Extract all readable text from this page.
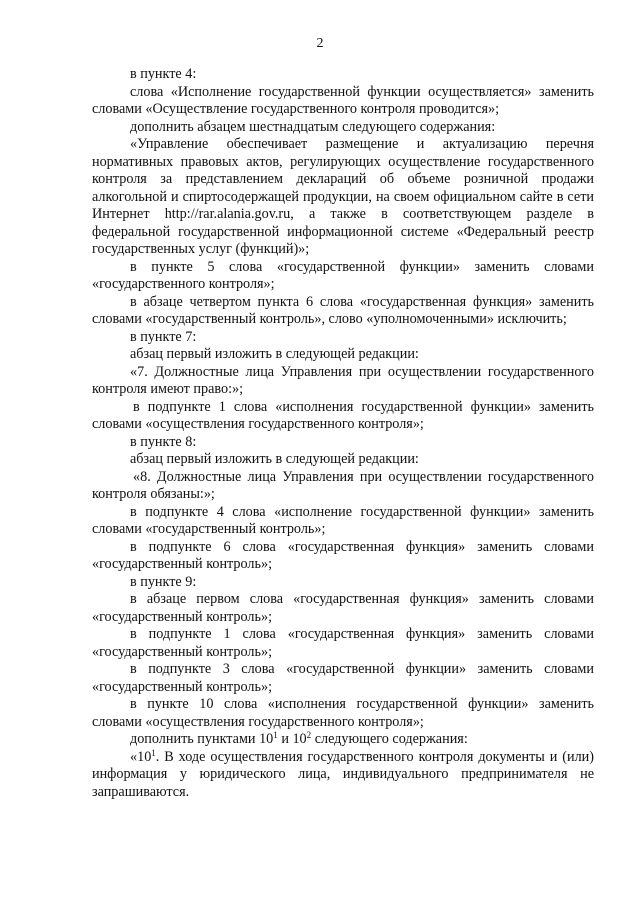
2

в пункте 4:

слова «Исполнение государственной функции осуществляется» заменить словами «Осуществление государственного контроля проводится»;

дополнить абзацем шестнадцатым следующего содержания:

«Управление обеспечивает размещение и актуализацию перечня нормативных правовых актов, регулирующих осуществление государственного контроля за представлением деклараций об объеме розничной продажи алкогольной и спиртосодержащей продукции, на своем официальном сайте в сети Интернет http://rar.alania.gov.ru, а также в соответствующем разделе в федеральной государственной информационной системе «Федеральный реестр государственных услуг (функций)»;

в пункте 5 слова «государственной функции» заменить словами «государственного контроля»;

в абзаце четвертом пункта 6 слова «государственная функция» заменить словами «государственный контроль», слово «уполномоченными» исключить;

в пункте 7:

абзац первый изложить в следующей редакции:

«7. Должностные лица Управления при осуществлении государственного контроля имеют право:»;

в подпункте 1 слова «исполнения государственной функции» заменить словами «осуществления государственного контроля»;

в пункте 8:

абзац первый изложить в следующей редакции:

«8. Должностные лица Управления при осуществлении государственного контроля обязаны:»;

в подпункте 4 слова «исполнение государственной функции» заменить словами «государственный контроль»;

в подпункте 6 слова «государственная функция» заменить словами «государственный контроль»;

в пункте 9:

в абзаце первом слова «государственная функция» заменить словами «государственный контроль»;

в подпункте 1 слова «государственная функция» заменить словами «государственный контроль»;

в подпункте 3 слова «государственной функции» заменить словами «государственный контроль»;

в пункте 10 слова «исполнения государственной функции» заменить словами «осуществления государственного контроля»;

дополнить пунктами $10^1$ и $10^2$ следующего содержания:

«$10^1$. В ходе осуществления государственного контроля документы и (или) информация у юридического лица, индивидуального предпринимателя не запрашиваются.
